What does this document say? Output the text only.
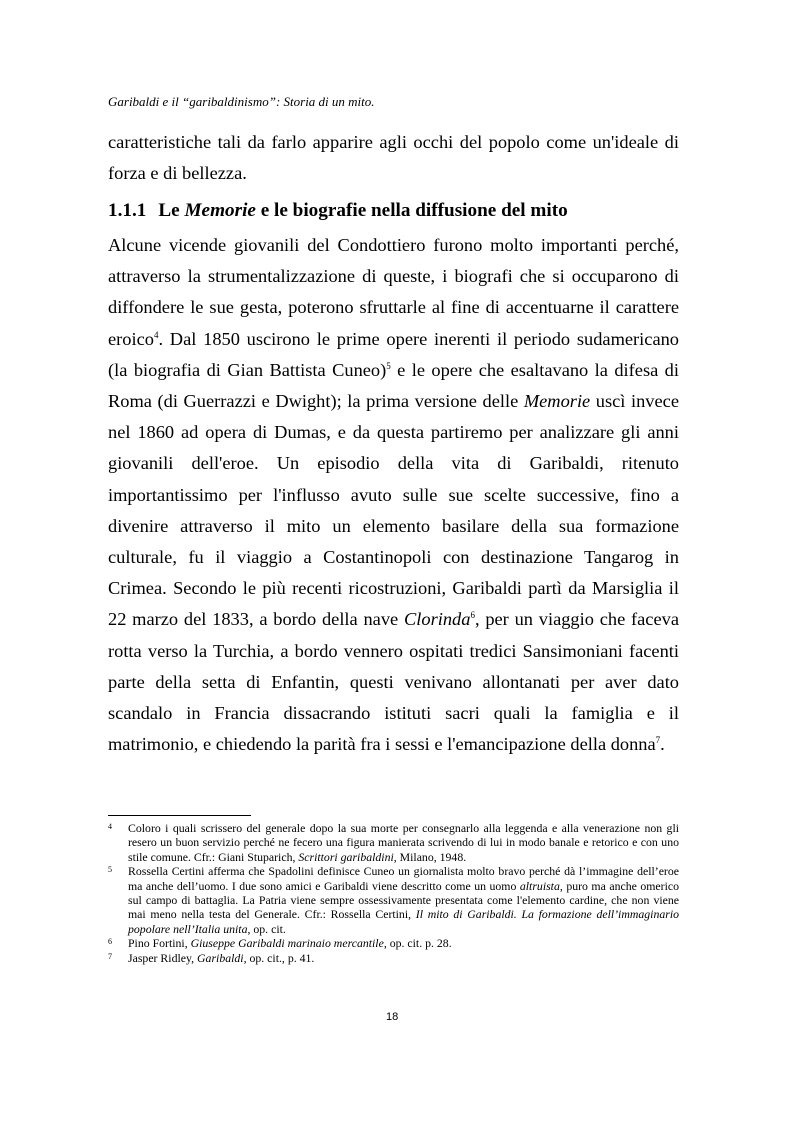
Garibaldi e il “garibaldinismo”: Storia di un mito.
caratteristiche tali da farlo apparire agli occhi del popolo come un'ideale di forza e di bellezza.
1.1.1 Le Memorie e le biografie nella diffusione del mito
Alcune vicende giovanili del Condottiero furono molto importanti perché, attraverso la strumentalizzazione di queste, i biografi che si occuparono di diffondere le sue gesta, poterono sfruttarle al fine di accentuarne il carattere eroico$^4$. Dal 1850 uscirono le prime opere inerenti il periodo sudamericano (la biografia di Gian Battista Cuneo)$^5$ e le opere che esaltavano la difesa di Roma (di Guerrazzi e Dwight); la prima versione delle Memorie uscì invece nel 1860 ad opera di Dumas, e da questa partiremo per analizzare gli anni giovanili dell'eroe. Un episodio della vita di Garibaldi, ritenuto importantissimo per l'influsso avuto sulle sue scelte successive, fino a divenire attraverso il mito un elemento basilare della sua formazione culturale, fu il viaggio a Costantinopoli con destinazione Tangarog in Crimea. Secondo le più recenti ricostruzioni, Garibaldi partì da Marsiglia il 22 marzo del 1833, a bordo della nave Clorinda$^6$, per un viaggio che faceva rotta verso la Turchia, a bordo vennero ospitati tredici Sansimoniani facenti parte della setta di Enfantin, questi venivano allontanati per aver dato scandalo in Francia dissacrando istituti sacri quali la famiglia e il matrimonio, e chiedendo la parità fra i sessi e l'emancipazione della donna$^7$.
4 Coloro i quali scrissero del generale dopo la sua morte per consegnarlo alla leggenda e alla venerazione non gli resero un buon servizio perché ne fecero una figura manierata scrivendo di lui in modo banale e retorico e con uno stile comune. Cfr.: Giani Stuparich, Scrittori garibaldini, Milano, 1948.
5 Rossella Certini afferma che Spadolini definisce Cuneo un giornalista molto bravo perché dà l’immagine dell’eroe ma anche dell’uomo. I due sono amici e Garibaldi viene descritto come un uomo altruista, puro ma anche omerico sul campo di battaglia. La Patria viene sempre ossessivamente presentata come l'elemento cardine, che non viene mai meno nella testa del Generale. Cfr.: Rossella Certini, Il mito di Garibaldi. La formazione dell’immaginario popolare nell’Italia unita, op. cit.
6 Pino Fortini, Giuseppe Garibaldi marinaio mercantile, op. cit. p. 28.
7 Jasper Ridley, Garibaldi, op. cit., p. 41.
18
